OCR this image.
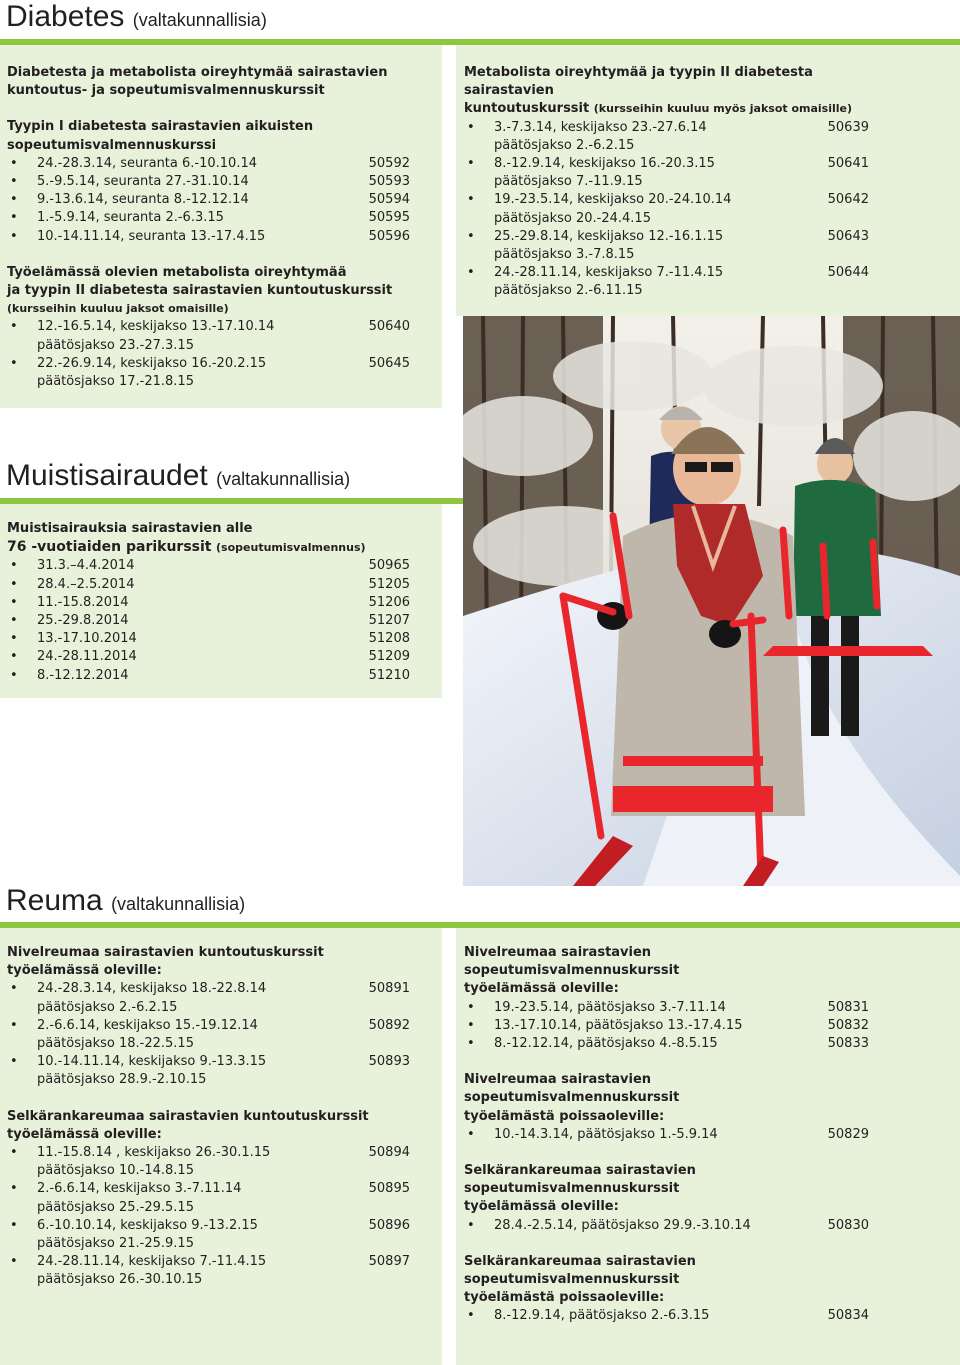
Diabetes (valtakunnallisia)
Diabetesta ja metabolista oireyhtymää sairastavien
kuntoutus- ja sopeutumisvalmennuskurssit
Tyypin I diabetesta sairastavien aikuisten
sopeutumisvalmennuskurssi
• 24.-28.3.14, seuranta 6.-10.10.14	50592
• 5.-9.5.14, seuranta 27.-31.10.14	50593
• 9.-13.6.14, seuranta 8.-12.12.14	50594
• 1.-5.9.14, seuranta 2.-6.3.15	50595
• 10.-14.11.14, seuranta 13.-17.4.15	50596
Työelämässä olevien metabolista oireyhtymää
ja tyypin II diabetesta sairastavien kuntoutuskurssit
(kursseihin kuuluu jaksot omaisille)
• 12.-16.5.14, keskijakso 13.-17.10.14
päätösjakso 23.-27.3.15
50640
• 22.-26.9.14, keskijakso 16.-20.2.15
päätösjakso 17.-21.8.15
50645
Metabolista oireyhtymää ja tyypin II diabetesta sairastavien
kuntoutuskurssit (kursseihin kuuluu myös jaksot omaisille)
• 3.-7.3.14, keskijakso 23.-27.6.14
päätösjakso 2.-6.2.15
50639
• 8.-12.9.14, keskijakso 16.-20.3.15
päätösjakso 7.-11.9.15
50641
• 19.-23.5.14, keskijakso 20.-24.10.14
päätösjakso 20.-24.4.15
50642
• 25.-29.8.14, keskijakso 12.-16.1.15
päätösjakso 3.-7.8.15
50643
• 24.-28.11.14, keskijakso 7.-11.4.15
päätösjakso 2.-6.11.15
50644
Muistisairaudet (valtakunnallisia)
Muistisairauksia sairastavien alle
76 -vuotiaiden parikurssit (sopeutumisvalmennus)
• 31.3.–4.4.2014	50965
• 28.4.–2.5.2014	51205
• 11.-15.8.2014	51206
• 25.-29.8.2014	51207
• 13.-17.10.2014	51208
• 24.-28.11.2014	51209
• 8.-12.12.2014	51210
Reuma (valtakunnallisia)
Nivelreumaa sairastavien kuntoutuskurssit
työelämässä oleville:
• 24.-28.3.14, keskijakso 18.-22.8.14
päätösjakso 2.-6.2.15
50891
• 2.-6.6.14, keskijakso 15.-19.12.14
päätösjakso 18.-22.5.15
50892
• 10.-14.11.14, keskijakso 9.-13.3.15
päätösjakso 28.9.-2.10.15
50893
Selkärankareumaa sairastavien kuntoutuskurssit
työelämässä oleville:
• 11.-15.8.14 , keskijakso 26.-30.1.15
päätösjakso 10.-14.8.15
50894
• 2.-6.6.14, keskijakso 3.-7.11.14
päätösjakso 25.-29.5.15
50895
• 6.-10.10.14, keskijakso 9.-13.2.15
päätösjakso 21.-25.9.15
50896
• 24.-28.11.14, keskijakso 7.-11.4.15
päätösjakso 26.-30.10.15
50897
Nivelreumaa sairastavien sopeutumisvalmennuskurssit
työelämässä oleville:
• 19.-23.5.14, päätösjakso 3.-7.11.14	50831
• 13.-17.10.14, päätösjakso 13.-17.4.15	50832
• 8.-12.12.14, päätösjakso 4.-8.5.15	50833
Nivelreumaa sairastavien sopeutumisvalmennuskurssit
työelämästä poissaoleville:
• 10.-14.3.14, päätösjakso 1.-5.9.14	50829
Selkärankareumaa sairastavien sopeutumisvalmennuskurssit
työelämässä oleville:
• 28.4.-2.5.14, päätösjakso 29.9.-3.10.14	50830
Selkärankareumaa sairastavien sopeutumisvalmennuskurssit
työelämästä poissaoleville:
• 8.-12.9.14, päätösjakso 2.-6.3.15	50834
